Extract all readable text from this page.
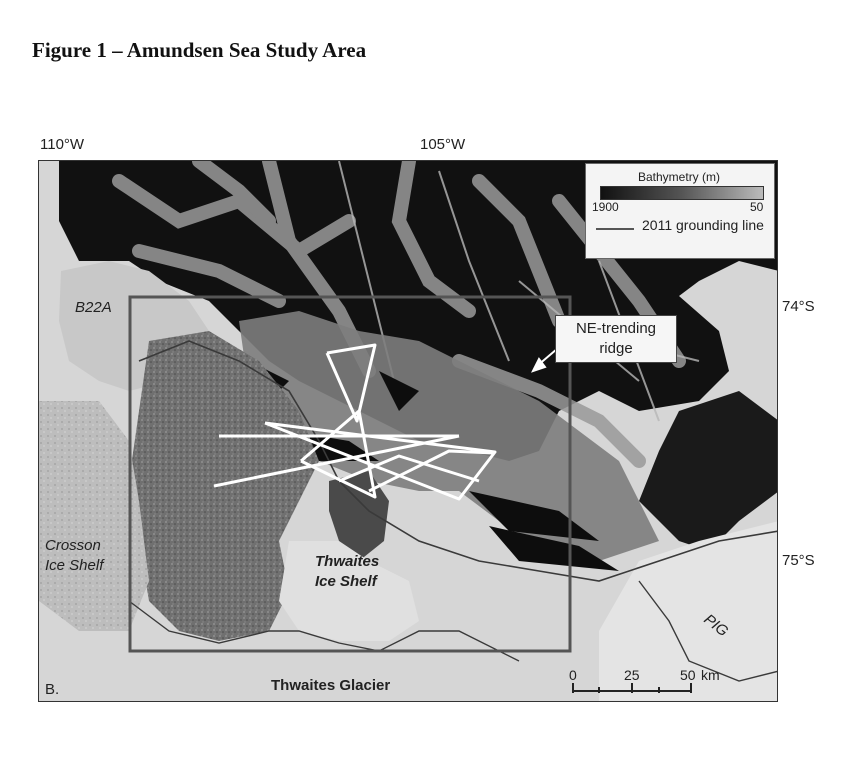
Figure 1 – Amundsen Sea Study Area
110°W	105°W
74°S
75°S
Bathymetry (m)
1900	50
2011 grounding line
NE-trending
ridge
B22A
Crosson
Ice Shelf	Thwaites
Ice Shelf
Thwaites Glacier
PIG
B.
0	25	50 km
